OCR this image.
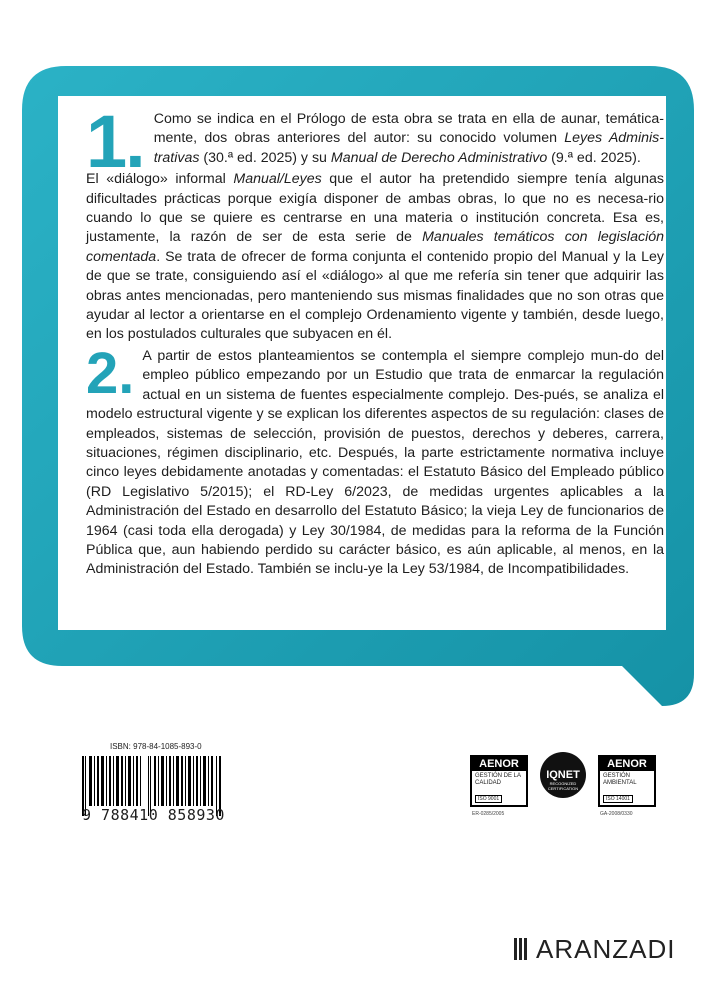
1. Como se indica en el Prólogo de esta obra se trata en ella de aunar, temática-mente, dos obras anteriores del autor: su conocido volumen Leyes Adminis-trativas (30.ª ed. 2025) y su Manual de Derecho Administrativo (9.ª ed. 2025).

El «diálogo» informal Manual/Leyes que el autor ha pretendido siempre tenía algunas dificultades prácticas porque exigía disponer de ambas obras, lo que no es necesa-rio cuando lo que se quiere es centrarse en una materia o institución concreta. Esa es, justamente, la razón de ser de esta serie de Manuales temáticos con legislación comentada. Se trata de ofrecer de forma conjunta el contenido propio del Manual y la Ley de que se trate, consiguiendo así el «diálogo» al que me refería sin tener que adquirir las obras antes mencionadas, pero manteniendo sus mismas finalidades que no son otras que ayudar al lector a orientarse en el complejo Ordenamiento vigente y también, desde luego, en los postulados culturales que subyacen en él.

2. A partir de estos planteamientos se contempla el siempre complejo mun-do del empleo público empezando por un Estudio que trata de enmarcar la regulación actual en un sistema de fuentes especialmente complejo. Des-pués, se analiza el modelo estructural vigente y se explican los diferentes aspectos de su regulación: clases de empleados, sistemas de selección, provisión de puestos, derechos y deberes, carrera, situaciones, régimen disciplinario, etc. Después, la parte estrictamente normativa incluye cinco leyes debidamente anotadas y comentadas: el Estatuto Básico del Empleado público (RD Legislativo 5/2015); el RD-Ley 6/2023, de medidas urgentes aplicables a la Administración del Estado en desarrollo del Estatuto Básico; la vieja Ley de funcionarios de 1964 (casi toda ella derogada) y Ley 30/1984, de medidas para la reforma de la Función Pública que, aun habiendo perdido su carácter básico, es aún aplicable, al menos, en la Administración del Estado. También se inclu-ye la Ley 53/1984, de Incompatibilidades.

ISBN: 978-84-1085-893-0
9 788410 858930
AENOR
GESTIÓN DE LA CALIDAD
ISO 9001
ER-0285/2005
IQNET
RECOGNIZED CERTIFICATION
AENOR
GESTIÓN AMBIENTAL
ISO 14001
GA-2008/0330
ARANZADI
